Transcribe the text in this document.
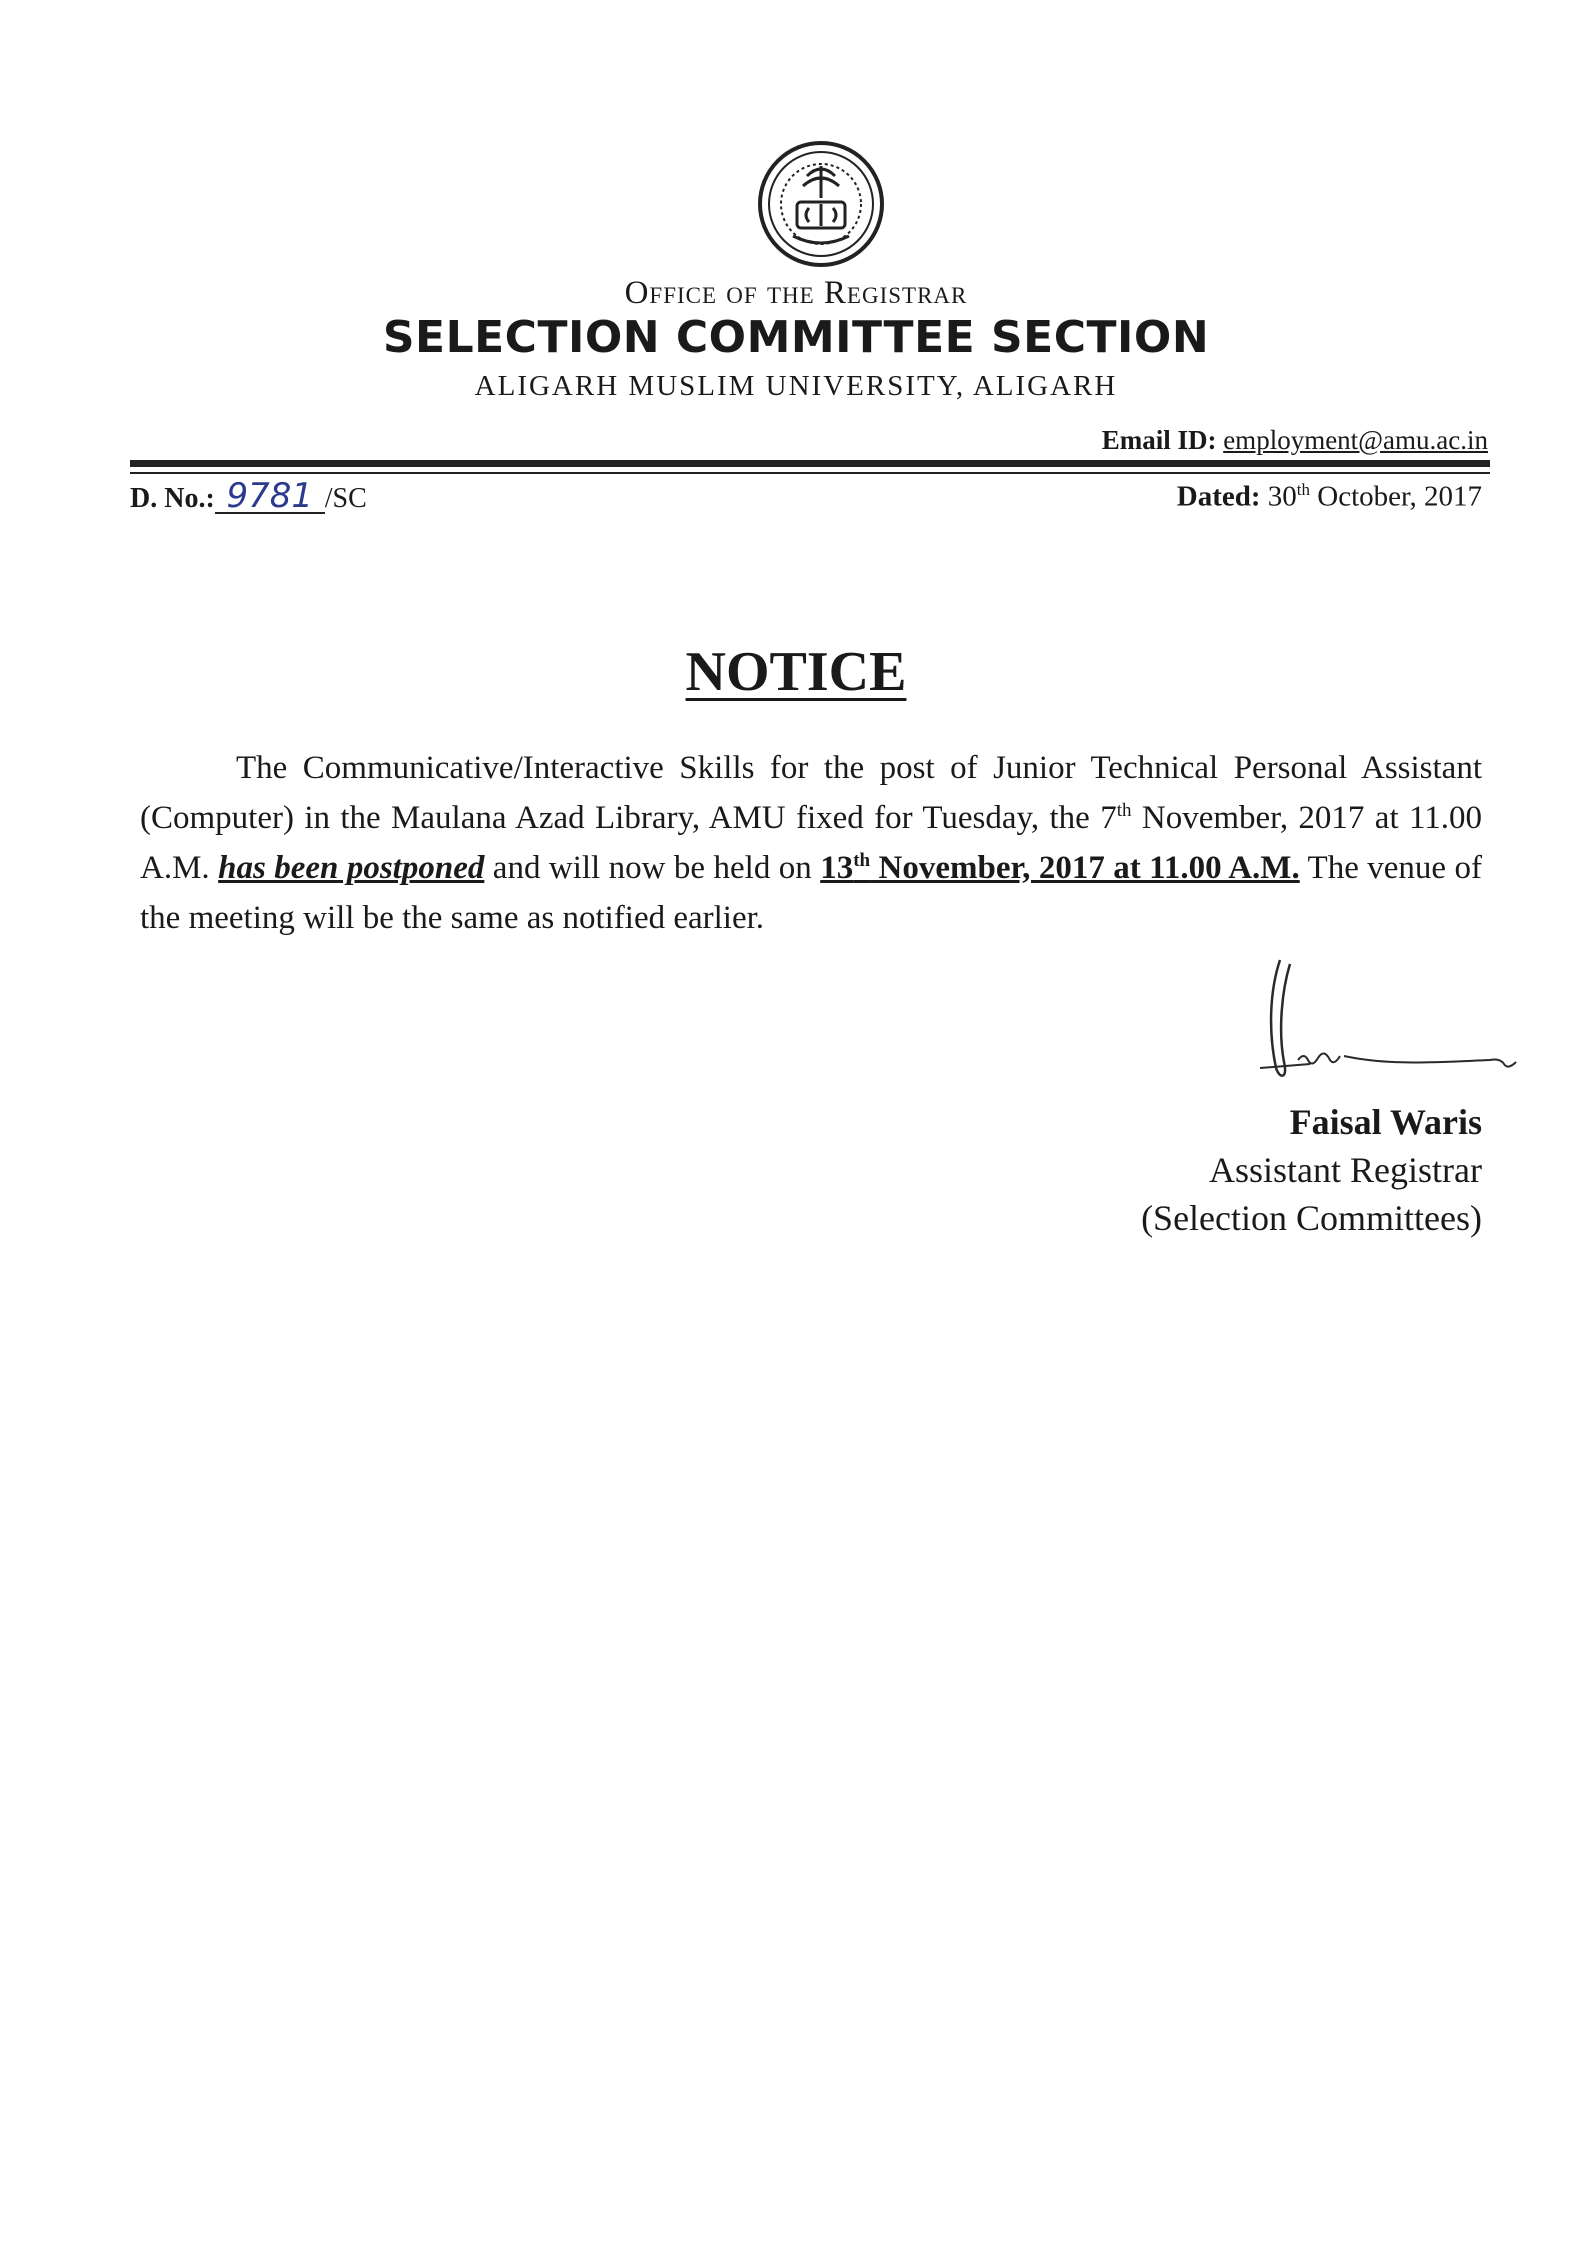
Office of the Registrar
SELECTION COMMITTEE SECTION
ALIGARH MUSLIM UNIVERSITY, ALIGARH
Email ID: employment@amu.ac.in
D. No.: 9781 /SC	Dated: 30th October, 2017
NOTICE
The Communicative/Interactive Skills for the post of Junior Technical Personal Assistant (Computer) in the Maulana Azad Library, AMU fixed for Tuesday, the 7th November, 2017 at 11.00 A.M. has been postponed and will now be held on 13th November, 2017 at 11.00 A.M. The venue of the meeting will be the same as notified earlier.
Faisal Waris
Assistant Registrar
(Selection Committees)
